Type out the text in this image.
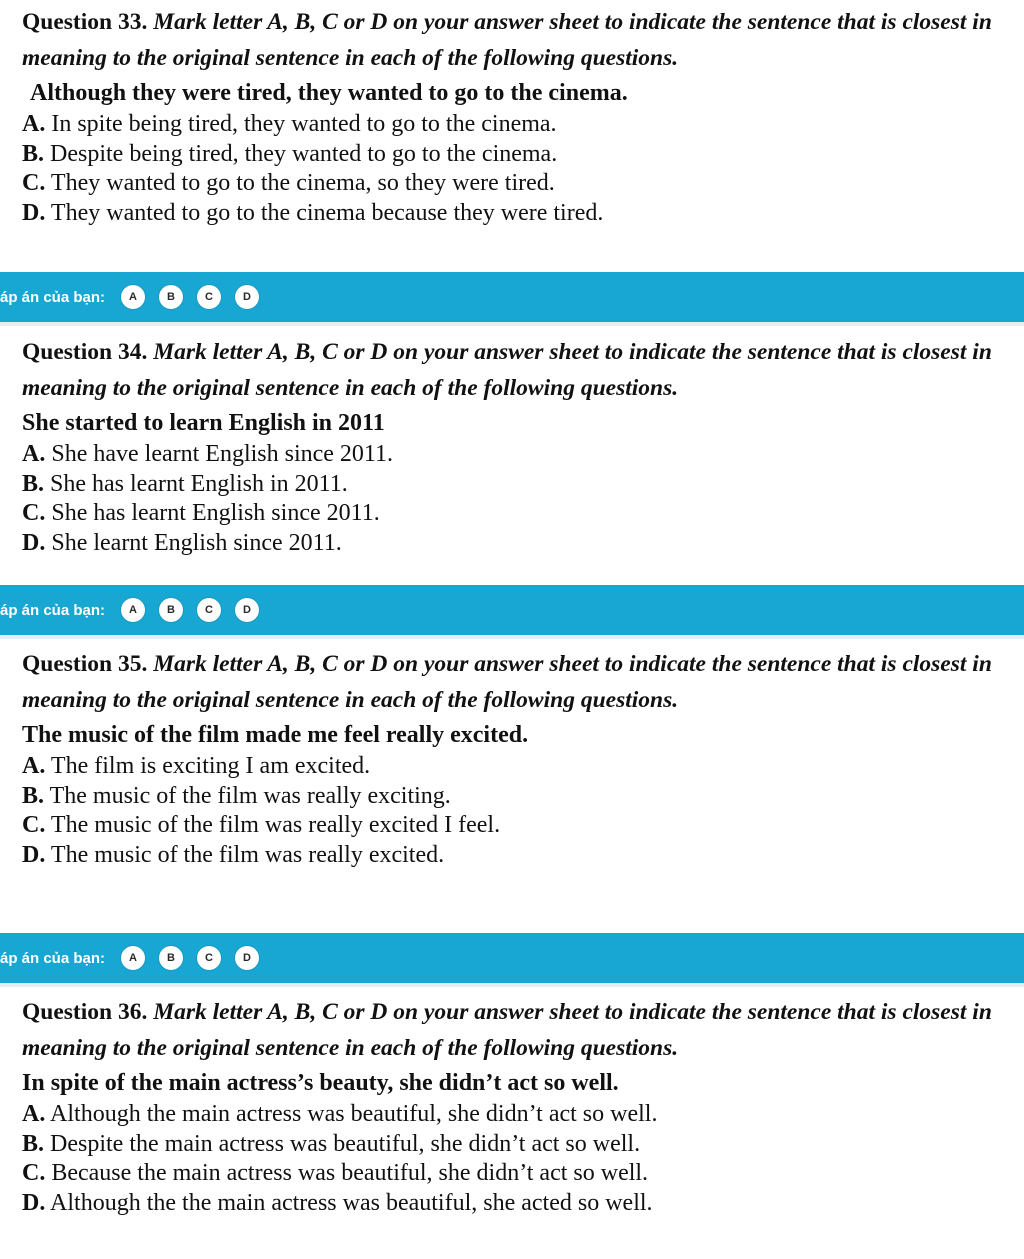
Question 33. Mark letter A, B, C or D on your answer sheet to indicate the sentence that is closest in meaning to the original sentence in each of the following questions.

Although they were tired, they wanted to go to the cinema.

A. In spite being tired, they wanted to go to the cinema.

B. Despite being tired, they wanted to go to the cinema.

C. They wanted to go to the cinema, so they were tired.

D. They wanted to go to the cinema because they were tired.

áp án của bạn:	A	B	C	D

Question 34. Mark letter A, B, C or D on your answer sheet to indicate the sentence that is closest in meaning to the original sentence in each of the following questions.

She started to learn English in 2011

A. She have learnt English since 2011.

B. She has learnt English in 2011.

C. She has learnt English since 2011.

D. She learnt English since 2011.

áp án của bạn:	A	B	C	D

Question 35. Mark letter A, B, C or D on your answer sheet to indicate the sentence that is closest in meaning to the original sentence in each of the following questions.

The music of the film made me feel really excited.

A. The film is exciting I am excited.

B. The music of the film was really exciting.

C. The music of the film was really excited I feel.

D. The music of the film was really excited.

áp án của bạn:	A	B	C	D

Question 36. Mark letter A, B, C or D on your answer sheet to indicate the sentence that is closest in meaning to the original sentence in each of the following questions.

In spite of the main actress’s beauty, she didn’t act so well.

A. Although the main actress was beautiful, she didn’t act so well.

B. Despite the main actress was beautiful, she didn’t act so well.

C. Because the main actress was beautiful, she didn’t act so well.

D. Although the the main actress was beautiful, she acted so well.
